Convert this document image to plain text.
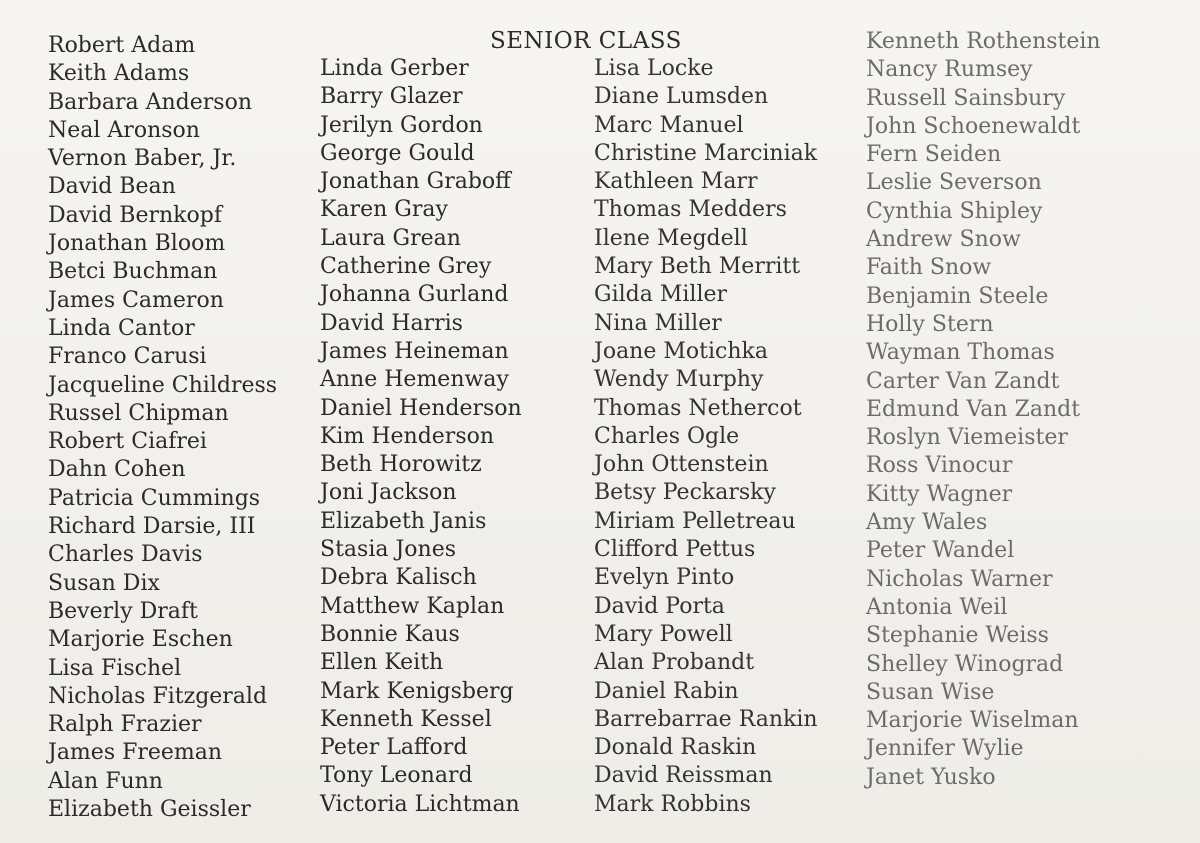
SENIOR CLASS
Robert Adam
Keith Adams
Barbara Anderson
Neal Aronson
Vernon Baber, Jr.
David Bean
David Bernkopf
Jonathan Bloom
Betci Buchman
James Cameron
Linda Cantor
Franco Carusi
Jacqueline Childress
Russel Chipman
Robert Ciafrei
Dahn Cohen
Patricia Cummings
Richard Darsie, III
Charles Davis
Susan Dix
Beverly Draft
Marjorie Eschen
Lisa Fischel
Nicholas Fitzgerald
Ralph Frazier
James Freeman
Alan Funn
Elizabeth Geissler
Linda Gerber
Barry Glazer
Jerilyn Gordon
George Gould
Jonathan Graboff
Karen Gray
Laura Grean
Catherine Grey
Johanna Gurland
David Harris
James Heineman
Anne Hemenway
Daniel Henderson
Kim Henderson
Beth Horowitz
Joni Jackson
Elizabeth Janis
Stasia Jones
Debra Kalisch
Matthew Kaplan
Bonnie Kaus
Ellen Keith
Mark Kenigsberg
Kenneth Kessel
Peter Lafford
Tony Leonard
Victoria Lichtman
Lisa Locke
Diane Lumsden
Marc Manuel
Christine Marciniak
Kathleen Marr
Thomas Medders
Ilene Megdell
Mary Beth Merritt
Gilda Miller
Nina Miller
Joane Motichka
Wendy Murphy
Thomas Nethercot
Charles Ogle
John Ottenstein
Betsy Peckarsky
Miriam Pelletreau
Clifford Pettus
Evelyn Pinto
David Porta
Mary Powell
Alan Probandt
Daniel Rabin
Barrebarrae Rankin
Donald Raskin
David Reissman
Mark Robbins
Kenneth Rothenstein
Nancy Rumsey
Russell Sainsbury
John Schoenewaldt
Fern Seiden
Leslie Severson
Cynthia Shipley
Andrew Snow
Faith Snow
Benjamin Steele
Holly Stern
Wayman Thomas
Carter Van Zandt
Edmund Van Zandt
Roslyn Viemeister
Ross Vinocur
Kitty Wagner
Amy Wales
Peter Wandel
Nicholas Warner
Antonia Weil
Stephanie Weiss
Shelley Winograd
Susan Wise
Marjorie Wiselman
Jennifer Wylie
Janet Yusko
